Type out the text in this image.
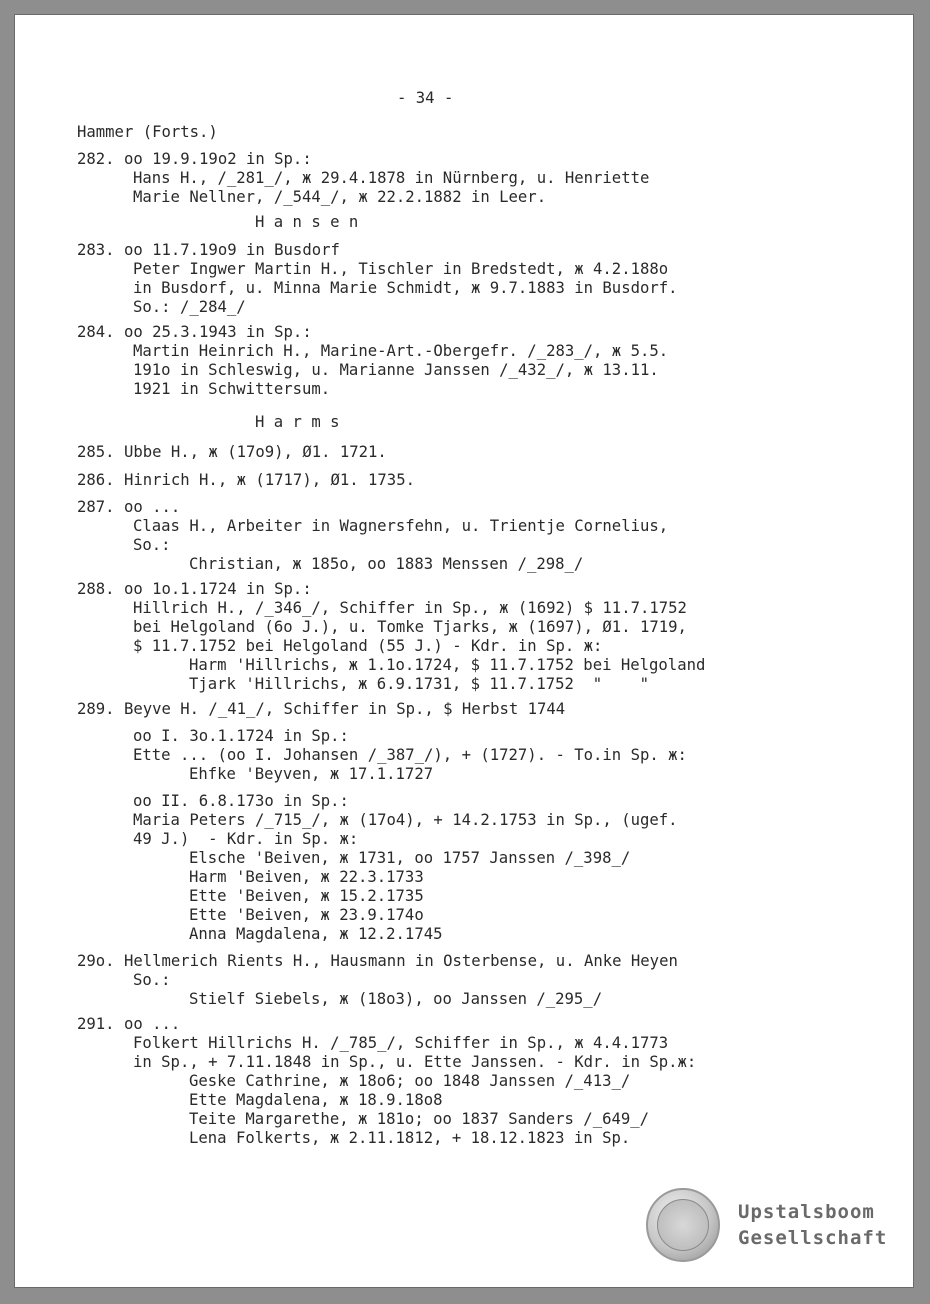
- 34 -
Hammer (Forts.)
282. oo 19.9.19o2 in Sp.:
Hans H., /_281_/, ж 29.4.1878 in Nürnberg, u. Henriette
Marie Nellner, /_544_/, ж 22.2.1882 in Leer.
H a n s e n
283. oo 11.7.19o9 in Busdorf
Peter Ingwer Martin H., Tischler in Bredstedt, ж 4.2.188o
in Busdorf, u. Minna Marie Schmidt, ж 9.7.1883 in Busdorf.
So.: /_284_/
284. oo 25.3.1943 in Sp.:
Martin Heinrich H., Marine-Art.-Obergefr. /_283_/, ж 5.5.
191o in Schleswig, u. Marianne Janssen /_432_/, ж 13.11.
1921 in Schwittersum.
H a r m s
285. Ubbe H., ж (17o9), Ø1. 1721.
286. Hinrich H., ж (1717), Ø1. 1735.
287. oo ...
Claas H., Arbeiter in Wagnersfehn, u. Trientje Cornelius,
So.:
Christian, ж 185o, oo 1883 Menssen /_298_/
288. oo 1o.1.1724 in Sp.:
Hillrich H., /_346_/, Schiffer in Sp., ж (1692) $ 11.7.1752
bei Helgoland (6o J.), u. Tomke Tjarks, ж (1697), Ø1. 1719,
$ 11.7.1752 bei Helgoland (55 J.) - Kdr. in Sp. ж:
Harm 'Hillrichs, ж 1.1o.1724, $ 11.7.1752 bei Helgoland
Tjark 'Hillrichs, ж 6.9.1731, $ 11.7.1752  "    "
289. Beyve H. /_41_/, Schiffer in Sp., $ Herbst 1744
oo I. 3o.1.1724 in Sp.:
Ette ... (oo I. Johansen /_387_/), + (1727). - To.in Sp. ж:
Ehfke 'Beyven, ж 17.1.1727
oo II. 6.8.173o in Sp.:
Maria Peters /_715_/, ж (17o4), + 14.2.1753 in Sp., (ugef.
49 J.)  - Kdr. in Sp. ж:
Elsche 'Beiven, ж 1731, oo 1757 Janssen /_398_/
Harm 'Beiven, ж 22.3.1733
Ette 'Beiven, ж 15.2.1735
Ette 'Beiven, ж 23.9.174o
Anna Magdalena, ж 12.2.1745
29o. Hellmerich Rients H., Hausmann in Osterbense, u. Anke Heyen
So.:
Stielf Siebels, ж (18o3), oo Janssen /_295_/
291. oo ...
Folkert Hillrichs H. /_785_/, Schiffer in Sp., ж 4.4.1773
in Sp., + 7.11.1848 in Sp., u. Ette Janssen. - Kdr. in Sp.ж:
Geske Cathrine, ж 18o6; oo 1848 Janssen /_413_/
Ette Magdalena, ж 18.9.18o8
Teite Margarethe, ж 181o; oo 1837 Sanders /_649_/
Lena Folkerts, ж 2.11.1812, + 18.12.1823 in Sp.
Upstalsboom
Gesellschaft
